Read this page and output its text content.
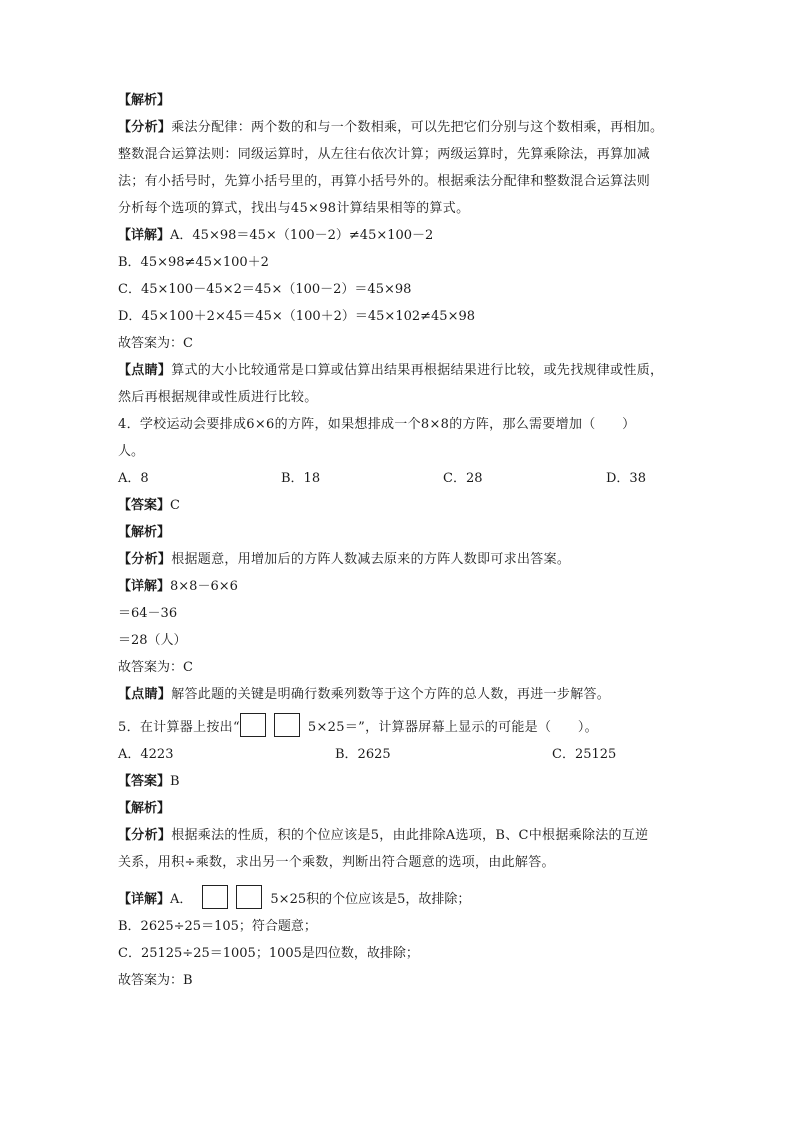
【解析】

【分析】乘法分配律：两个数的和与一个数相乘，可以先把它们分别与这个数相乘，再相加。

整数混合运算法则：同级运算时，从左往右依次计算；两级运算时，先算乘除法，再算加减

法；有小括号时，先算小括号里的，再算小括号外的。根据乘法分配律和整数混合运算法则

分析每个选项的算式，找出与45×98计算结果相等的算式。

【详解】A．45×98＝45×（100－2）≠45×100－2

B．45×98≠45×100＋2

C．45×100－45×2＝45×（100－2）＝45×98

D．45×100＋2×45＝45×（100＋2）＝45×102≠45×98

故答案为：C

【点睛】算式的大小比较通常是口算或估算出结果再根据结果进行比较，或先找规律或性质，

然后再根据规律或性质进行比较。

4．学校运动会要排成6×6的方阵，如果想排成一个8×8的方阵，那么需要增加（　　）

人。

A．8	B．18	C．28	D．38

【答案】C

【解析】

【分析】根据题意，用增加后的方阵人数减去原来的方阵人数即可求出答案。

【详解】8×8－6×6

＝64－36

＝28（人）

故答案为：C

【点睛】解答此题的关键是明确行数乘列数等于这个方阵的总人数，再进一步解答。

5．在计算器上按出“	5×25＝”，计算器屏幕上显示的可能是（　　）。

A．4223	B．2625	C．25125

【答案】B

【解析】

【分析】根据乘法的性质，积的个位应该是5，由此排除A选项，B、C中根据乘除法的互逆

关系，用积÷乘数，求出另一个乘数，判断出符合题意的选项，由此解答。

【详解】A．	5×25积的个位应该是5，故排除；

B．2625÷25＝105；符合题意；

C．25125÷25＝1005；1005是四位数，故排除；

故答案为：B
